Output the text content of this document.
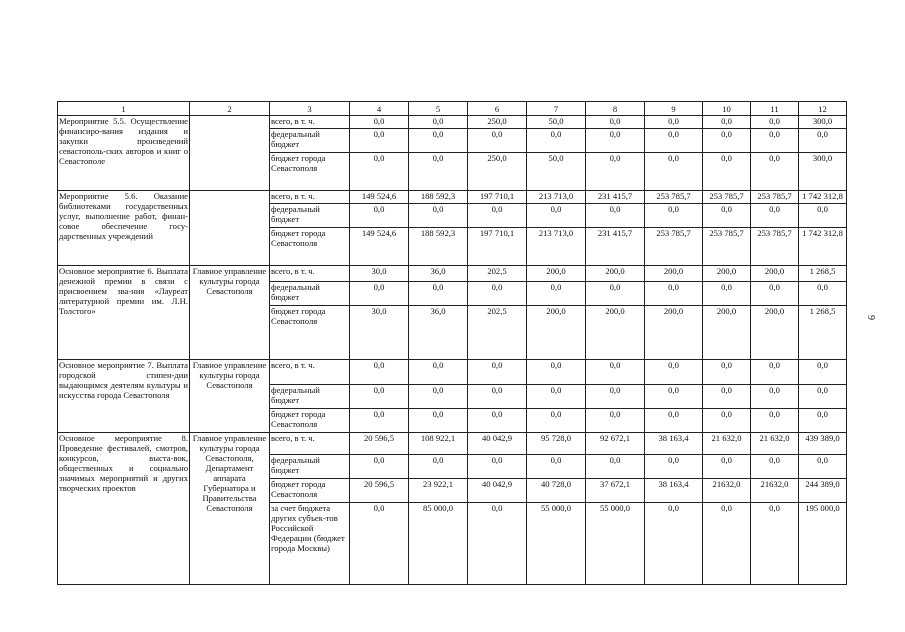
1	2	3	4	5	6	7	8	9	10	11	12
Мероприятие 5.5. Осуществление финансиро-вания издания и закупки произведений севастополь-ских авторов и книг о Севастополе		всего, в т. ч.	0,0	0,0	250,0	50,0	0,0	0,0	0,0	0,0	300,0
		федеральный бюджет	0,0	0,0	0,0	0,0	0,0	0,0	0,0	0,0	0,0
		бюджет города Севастополя	0,0	0,0	250,0	50,0	0,0	0,0	0,0	0,0	300,0
Мероприятие 5.6. Оказание библиотеками государственных услуг, выполнение работ, финан-совое обеспечение госу-дарственных учреждений		всего, в т. ч.	149 524,6	188 592,3	197 710,1	213 713,0	231 415,7	253 785,7	253 785,7	253 785,7	1 742 312,8
		федеральный бюджет	0,0	0,0	0,0	0,0	0,0	0,0	0,0	0,0	0,0
		бюджет города Севастополя	149 524,6	188 592,3	197 710,1	213 713,0	231 415,7	253 785,7	253 785,7	253 785,7	1 742 312,8
Основное мероприятие 6. Выплата денежной премии в связи с присвоением зва-ния «Лауреат литературной премии им. Л.Н. Толстого»	Главное управление культуры города Севастополя	всего, в т. ч.	30,0	36,0	202,5	200,0	200,0	200,0	200,0	200,0	1 268,5
		федеральный бюджет	0,0	0,0	0,0	0,0	0,0	0,0	0,0	0,0	0,0
		бюджет города Севастополя	30,0	36,0	202,5	200,0	200,0	200,0	200,0	200,0	1 268,5
Основное мероприятие 7. Выплата городской стипен-дии выдающимся деятелям культуры и искусства города Севастополя	Главное управление культуры города Севастополя	всего, в т. ч.	0,0	0,0	0,0	0,0	0,0	0,0	0,0	0,0	0,0
		федеральный бюджет	0,0	0,0	0,0	0,0	0,0	0,0	0,0	0,0	0,0
		бюджет города Севастополя	0,0	0,0	0,0	0,0	0,0	0,0	0,0	0,0	0,0
Основное мероприятие 8. Проведение фестивалей, смотров, конкурсов, выста-вок, общественных и социально значимых мероприятий и других творческих проектов	Главное управление культуры города Севастополя, Департамент аппарата Губернатора и Правительства Севастополя	всего, в т. ч.	20 596,5	108 922,1	40 042,9	95 728,0	92 672,1	38 163,4	21 632,0	21 632,0	439 389,0
		федеральный бюджет	0,0	0,0	0,0	0,0	0,0	0,0	0,0	0,0	0,0
		бюджет города Севастополя	20 596,5	23 922,1	40 042,9	40 728,0	37 672,1	38 163,4	21632,0	21632,0	244 389,0
		за счет бюджета других субъек-тов Российской Федерации (бюджет города Москвы)	0,0	85 000,0	0,0	55 000,0	55 000,0	0,0	0,0	0,0	195 000,0
9
